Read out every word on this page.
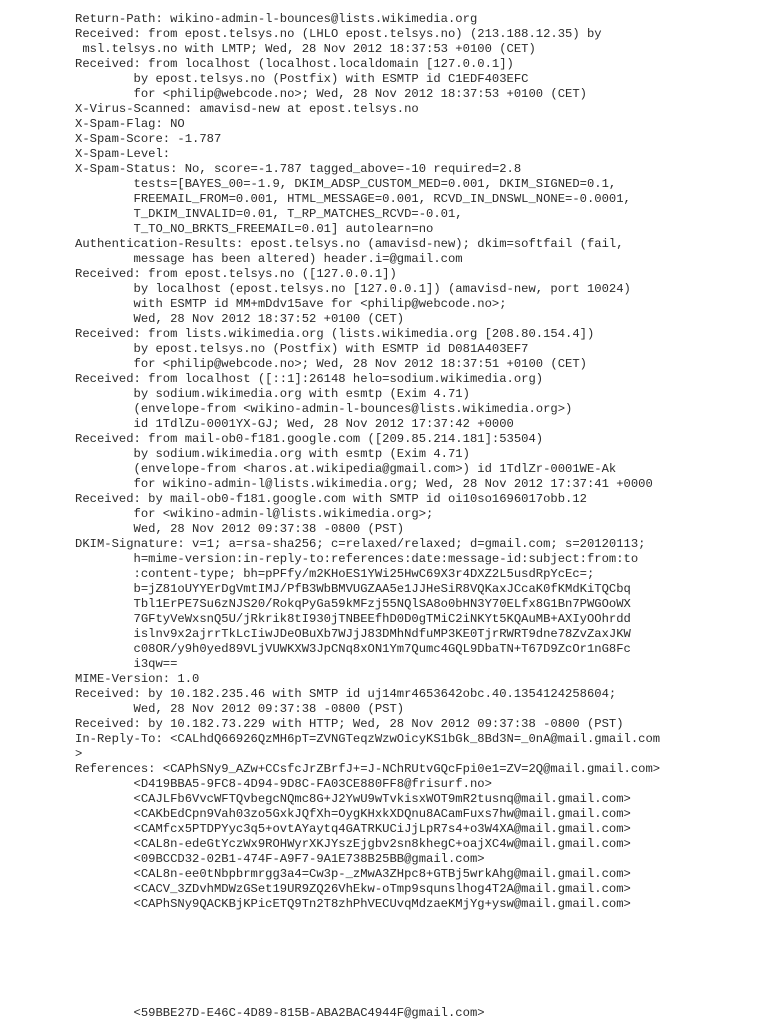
Return-Path: wikino-admin-l-bounces@lists.wikimedia.org
Received: from epost.telsys.no (LHLO epost.telsys.no) (213.188.12.35) by
msl.telsys.no with LMTP; Wed, 28 Nov 2012 18:37:53 +0100 (CET)
Received: from localhost (localhost.localdomain [127.0.0.1])
by epost.telsys.no (Postfix) with ESMTP id C1EDF403EFC
for <philip@webcode.no>; Wed, 28 Nov 2012 18:37:53 +0100 (CET)
X-Virus-Scanned: amavisd-new at epost.telsys.no
X-Spam-Flag: NO
X-Spam-Score: -1.787
X-Spam-Level:
X-Spam-Status: No, score=-1.787 tagged_above=-10 required=2.8
tests=[BAYES_00=-1.9, DKIM_ADSP_CUSTOM_MED=0.001, DKIM_SIGNED=0.1,
FREEMAIL_FROM=0.001, HTML_MESSAGE=0.001, RCVD_IN_DNSWL_NONE=-0.0001,
T_DKIM_INVALID=0.01, T_RP_MATCHES_RCVD=-0.01,
T_TO_NO_BRKTS_FREEMAIL=0.01] autolearn=no
Authentication-Results: epost.telsys.no (amavisd-new); dkim=softfail (fail,
message has been altered) header.i=@gmail.com
Received: from epost.telsys.no ([127.0.0.1])
by localhost (epost.telsys.no [127.0.0.1]) (amavisd-new, port 10024)
with ESMTP id MM+mDdv15ave for <philip@webcode.no>;
Wed, 28 Nov 2012 18:37:52 +0100 (CET)
Received: from lists.wikimedia.org (lists.wikimedia.org [208.80.154.4])
by epost.telsys.no (Postfix) with ESMTP id D081A403EF7
for <philip@webcode.no>; Wed, 28 Nov 2012 18:37:51 +0100 (CET)
Received: from localhost ([::1]:26148 helo=sodium.wikimedia.org)
by sodium.wikimedia.org with esmtp (Exim 4.71)
(envelope-from <wikino-admin-l-bounces@lists.wikimedia.org>)
id 1TdlZu-0001YX-GJ; Wed, 28 Nov 2012 17:37:42 +0000
Received: from mail-ob0-f181.google.com ([209.85.214.181]:53504)
by sodium.wikimedia.org with esmtp (Exim 4.71)
(envelope-from <haros.at.wikipedia@gmail.com>) id 1TdlZr-0001WE-Ak
for wikino-admin-l@lists.wikimedia.org; Wed, 28 Nov 2012 17:37:41 +0000
Received: by mail-ob0-f181.google.com with SMTP id oi10so1696017obb.12
for <wikino-admin-l@lists.wikimedia.org>;
Wed, 28 Nov 2012 09:37:38 -0800 (PST)
DKIM-Signature: v=1; a=rsa-sha256; c=relaxed/relaxed; d=gmail.com; s=20120113;
h=mime-version:in-reply-to:references:date:message-id:subject:from:to
:content-type; bh=pPFfy/m2KHoES1YWi25HwC69X3r4DXZ2L5usdRpYcEc=;
b=jZ81oUYYErDgVmtIMJ/PfB3WbBMVUGZAA5e1JJHeSiR8VQKaxJCcaK0fKMdKiTQCbq
Tbl1ErPE7Su6zNJS20/RokqPyGa59kMFzj55NQlSA8o0bHN3Y70ELfx8G1Bn7PWGOoWX
7GFtyVeWxsnQ5U/jRkrik8tI930jTNBEEfhD0D0gTMiC2iNKYt5KQAuMB+AXIyOOhrdd
islnv9x2ajrrTkLcIiwJDeOBuXb7WJjJ83DMhNdfuMP3KE0TjrRWRT9dne78ZvZaxJKW
c08OR/y9h0yed89VLjVUWKXW3JpCNq8xON1Ym7Qumc4GQL9DbaTN+T67D9ZcOr1nG8Fc
i3qw==
MIME-Version: 1.0
Received: by 10.182.235.46 with SMTP id uj14mr4653642obc.40.1354124258604;
Wed, 28 Nov 2012 09:37:38 -0800 (PST)
Received: by 10.182.73.229 with HTTP; Wed, 28 Nov 2012 09:37:38 -0800 (PST)
In-Reply-To: <CALhdQ66926QzMH6pT=ZVNGTeqzWzwOicyKS1bGk_8Bd3N=_0nA@mail.gmail.com
>
References: <CAPhSNy9_AZw+CCsfcJrZBrfJ+=J-NChRUtvGQcFpi0e1=ZV=2Q@mail.gmail.com>
<D419BBA5-9FC8-4D94-9D8C-FA03CE880FF8@frisurf.no>
<CAJLFb6VvcWFTQvbegcNQmc8G+J2YwU9wTvkisxWOT9mR2tusnq@mail.gmail.com>
<CAKbEdCpn9Vah03zo5GxkJQfXh=OygKHxkXDQnu8ACamFuxs7hw@mail.gmail.com>
<CAMfcx5PTDPYyc3q5+ovtAYaytq4GATRKUCiJjLpR7s4+o3W4XA@mail.gmail.com>
<CAL8n-edeGtYczWx9ROHWyrXKJYszEjgbv2sn8khegC+oajXC4w@mail.gmail.com>
<09BCCD32-02B1-474F-A9F7-9A1E738B25BB@gmail.com>
<CAL8n-ee0tNbpbrmrgg3a4=Cw3p-_zMwA3ZHpc8+GTBj5wrkAhg@mail.gmail.com>
<CACV_3ZDvhMDWzGSet19UR9ZQ26VhEkw-oTmp9squnslhog4T2A@mail.gmail.com>
<CAPhSNy9QACKBjKPicETQ9Tn2T8zhPhVECUvqMdzaeKMjYg+ysw@mail.gmail.com>
<59BBE27D-E46C-4D89-815B-ABA2BAC4944F@gmail.com>
